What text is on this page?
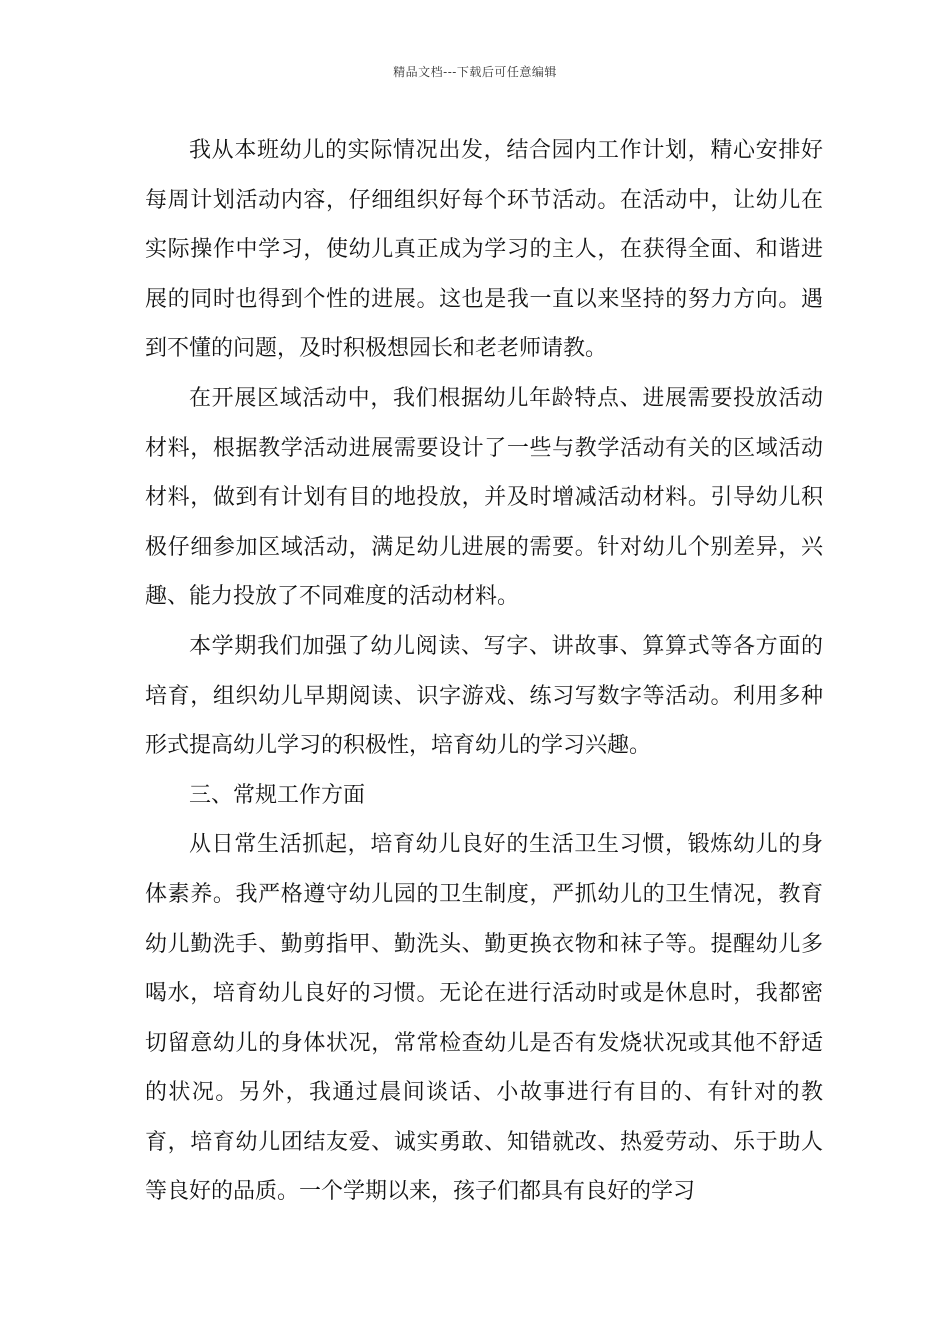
精品文档---下载后可任意编辑

我从本班幼儿的实际情况出发，结合园内工作计划，精心安排好每周计划活动内容，仔细组织好每个环节活动。在活动中，让幼儿在实际操作中学习，使幼儿真正成为学习的主人，在获得全面、和谐进展的同时也得到个性的进展。这也是我一直以来坚持的努力方向。遇到不懂的问题，及时积极想园长和老老师请教。

在开展区域活动中，我们根据幼儿年龄特点、进展需要投放活动材料，根据教学活动进展需要设计了一些与教学活动有关的区域活动材料，做到有计划有目的地投放，并及时增减活动材料。引导幼儿积极仔细参加区域活动，满足幼儿进展的需要。针对幼儿个别差异，兴趣、能力投放了不同难度的活动材料。

本学期我们加强了幼儿阅读、写字、讲故事、算算式等各方面的培育，组织幼儿早期阅读、识字游戏、练习写数字等活动。利用多种形式提高幼儿学习的积极性，培育幼儿的学习兴趣。

三、常规工作方面

从日常生活抓起，培育幼儿良好的生活卫生习惯，锻炼幼儿的身体素养。我严格遵守幼儿园的卫生制度，严抓幼儿的卫生情况，教育幼儿勤洗手、勤剪指甲、勤洗头、勤更换衣物和袜子等。提醒幼儿多喝水，培育幼儿良好的习惯。无论在进行活动时或是休息时，我都密切留意幼儿的身体状况，常常检查幼儿是否有发烧状况或其他不舒适的状况。另外，我通过晨间谈话、小故事进行有目的、有针对的教育，培育幼儿团结友爱、诚实勇敢、知错就改、热爱劳动、乐于助人等良好的品质。一个学期以来，孩子们都具有良好的学习
